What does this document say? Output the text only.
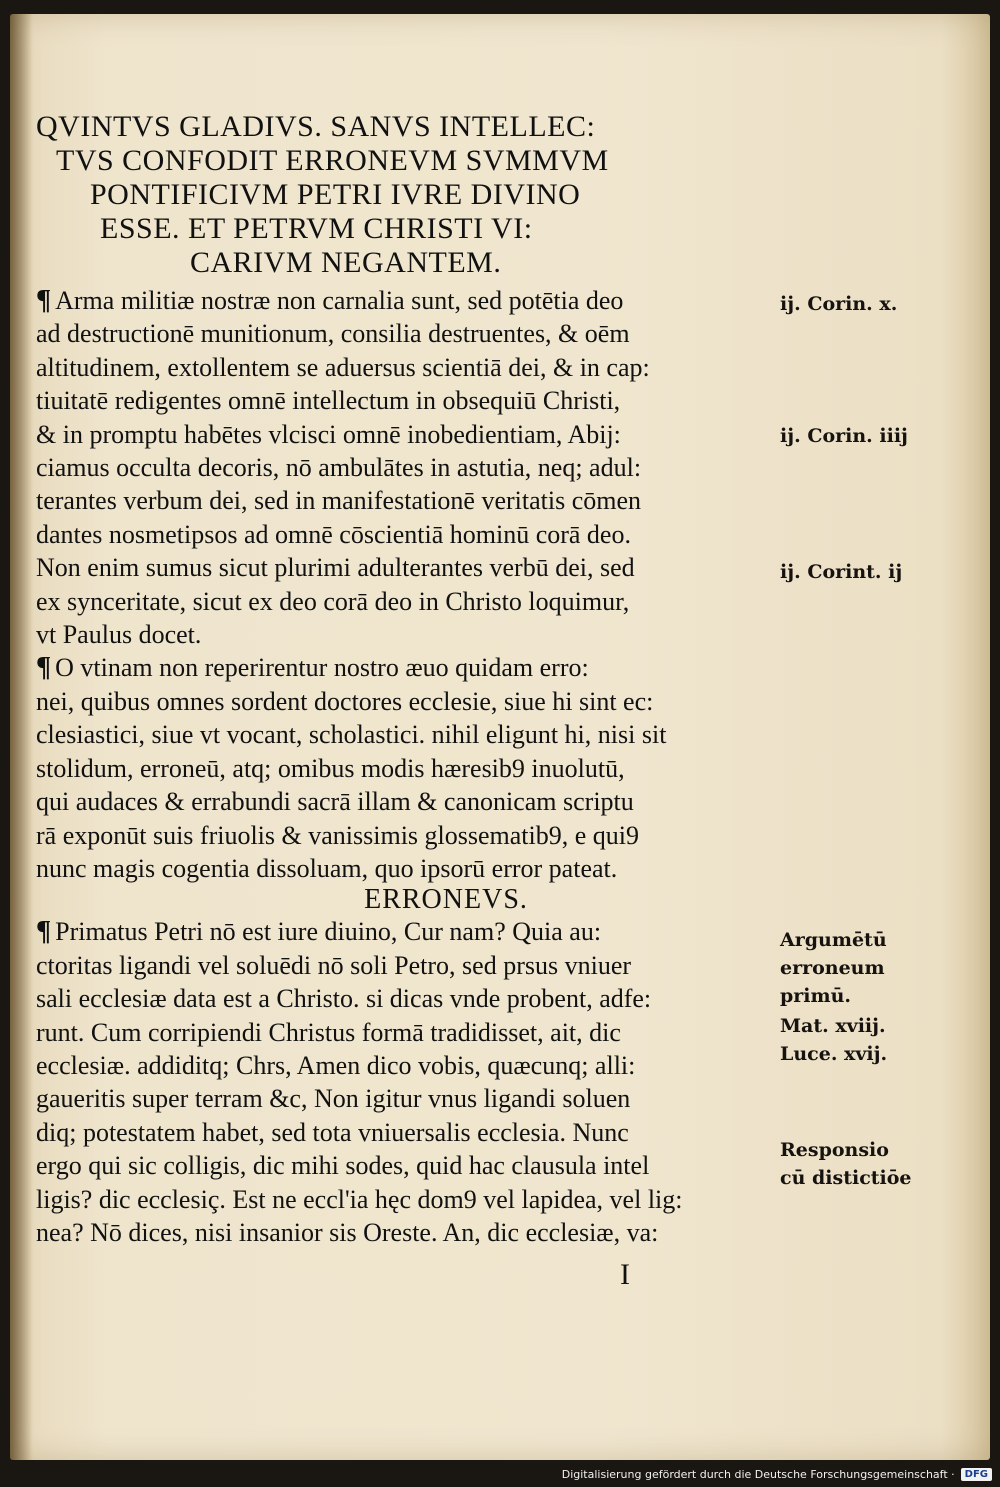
QVINTVS GLADIVS. SANVS INTELLEC:
TVS CONFODIT ERRONEVM SVMMVM
PONTIFICIVM PETRI IVRE DIVINO
ESSE. ET PETRVM CHRISTI VI:
CARIVM NEGANTEM.
¶ Arma militiæ nostræ non carnalia sunt, sed potētia deo
ad destructionē munitionum, consilia destruentes, & oēm
altitudinem, extollentem se aduersus scientiā dei, & in cap:
tiuitatē redigentes omnē intellectum in obsequiū Christi,
& in promptu habētes vlcisci omnē inobedientiam, Abij:
ciamus occulta decoris, nō ambulātes in astutia, neq; adul:
terantes verbum dei, sed in manifestationē veritatis cōmen
dantes nosmetipsos ad omnē cōscientiā hominū corā deo.
Non enim sumus sicut plurimi adulterantes verbū dei, sed
ex synceritate, sicut ex deo corā deo in Christo loquimur,
vt Paulus docet.
¶ O vtinam non reperirentur nostro æuo quidam erro:
nei, quibus omnes sordent doctores ecclesie, siue hi sint ec:
clesiastici, siue vt vocant, scholastici. nihil eligunt hi, nisi sit
stolidum, erroneū, atq; omibus modis hæresib9 inuolutū,
qui audaces & errabundi sacrā illam & canonicam scriptu
rā exponūt suis friuolis & vanissimis glossematib9, e qui9
nunc magis cogentia dissoluam, quo ipsorū error pateat.
ERRONEVS.
¶ Primatus Petri nō est iure diuino, Cur nam? Quia au:
ctoritas ligandi vel soluēdi nō soli Petro, sed prsus vniuer
sali ecclesiæ data est a Christo. si dicas vnde probent, adfe:
runt. Cum corripiendi Christus formā tradidisset, ait, dic
ecclesiæ. addiditq; Chrs, Amen dico vobis, quæcunq; alli:
gaueritis super terram &c, Non igitur vnus ligandi soluen
diq; potestatem habet, sed tota vniuersalis ecclesia. Nunc
ergo qui sic colligis, dic mihi sodes, quid hac clausula intel
ligis? dic ecclesiç. Est ne eccl'ia hęc dom9 vel lapidea, vel lig:
nea? Nō dices, nisi insanior sis Oreste. An, dic ecclesiæ, va:
ij. Corin. x.
ij. Corin. iiij
ij. Corint. ij
Argumētū
erroneum
primū.
Mat. xviij.
Luce. xvij.
Responsio
cū distictiōe
I
Digitalisierung gefördert durch die Deutsche Forschungsgemeinschaft ·	DFG
